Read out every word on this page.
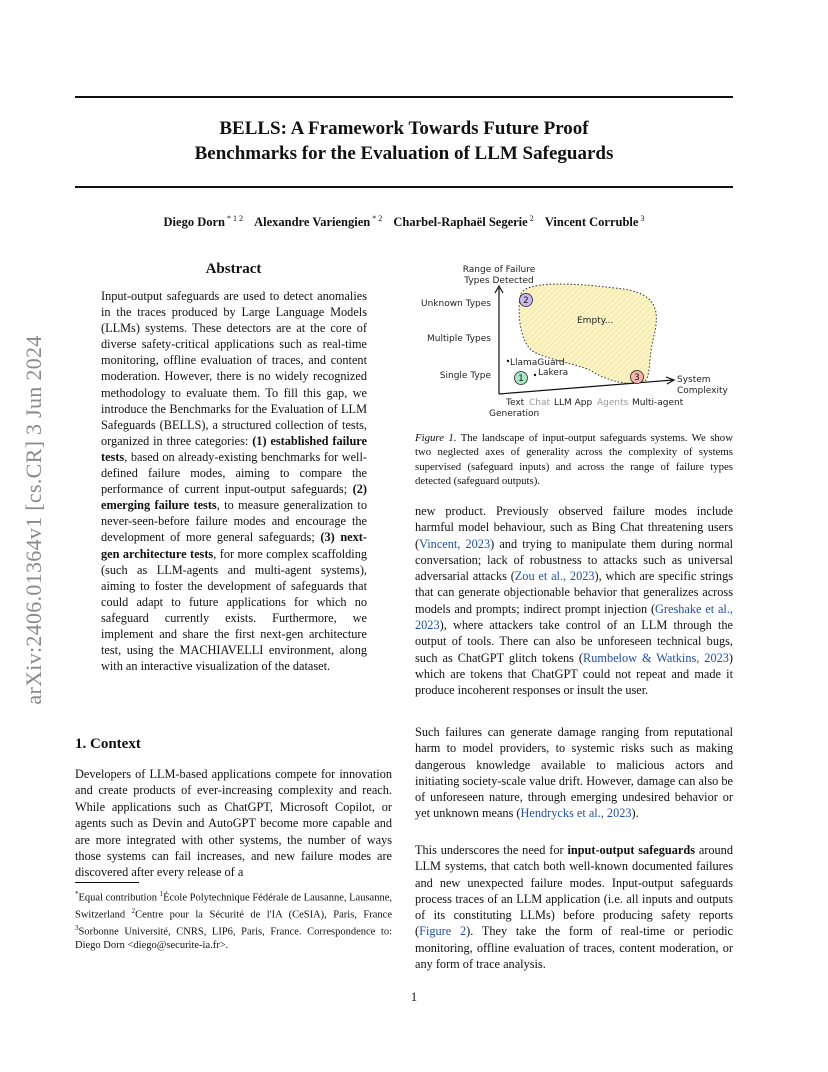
arXiv:2406.01364v1 [cs.CR] 3 Jun 2024
BELLS: A Framework Towards Future Proof
Benchmarks for the Evaluation of LLM Safeguards
Diego Dorn $^{* 1 2}$ Alexandre Variengien $^{* 2}$ Charbel-Raphaël Segerie $^2$ Vincent Corruble $^3$
Abstract

Input-output safeguards are used to detect anomalies in the traces produced by Large Language Models (LLMs) systems. These detectors are at the core of diverse safety-critical applications such as real-time monitoring, offline evaluation of traces, and content moderation. However, there is no widely recognized methodology to evaluate them. To fill this gap, we introduce the Benchmarks for the Evaluation of LLM Safeguards (BELLS), a structured collection of tests, organized in three categories: (1) established failure tests, based on already-existing benchmarks for well-defined failure modes, aiming to compare the performance of current input-output safeguards; (2) emerging failure tests, to measure generalization to never-seen-before failure modes and encourage the development of more general safeguards; (3) next-gen architecture tests, for more complex scaffolding (such as LLM-agents and multi-agent systems), aiming to foster the development of safeguards that could adapt to future applications for which no safeguard currently exists. Furthermore, we implement and share the first next-gen architecture test, using the MACHIAVELLI environment, along with an interactive visualization of the dataset.

1. Context

Developers of LLM-based applications compete for innovation and create products of ever-increasing complexity and reach. While applications such as ChatGPT, Microsoft Copilot, or agents such as Devin and AutoGPT become more capable and are more integrated with other systems, the number of ways those systems can fail increases, and new failure modes are discovered after every release of a

*Equal contribution $^1$École Polytechnique Fédérale de Lausanne, Lausanne, Switzerland $^2$Centre pour la Sécurité de l'IA (CeSIA), Paris, France $^3$Sorbonne Université, CNRS, LIP6, Paris, France. Correspondence to: Diego Dorn <diego@securite-ia.fr>.

Range of Failure
Types Detected
Unknown Types
Multiple Types
Single Type	System
Complexity
Text Chat LLM App Agents Multi-agent
Generation
Empty...
LlamaGuard
Lakera
1
2
3

Figure 1. The landscape of input-output safeguards systems. We show two neglected axes of generality across the complexity of systems supervised (safeguard inputs) and across the range of failure types detected (safeguard outputs).

new product. Previously observed failure modes include harmful model behaviour, such as Bing Chat threatening users (Vincent, 2023) and trying to manipulate them during normal conversation; lack of robustness to attacks such as universal adversarial attacks (Zou et al., 2023), which are specific strings that can generate objectionable behavior that generalizes across models and prompts; indirect prompt injection (Greshake et al., 2023), where attackers take control of an LLM through the output of tools. There can also be unforeseen technical bugs, such as ChatGPT glitch tokens (Rumbelow & Watkins, 2023) which are tokens that ChatGPT could not repeat and made it produce incoherent responses or insult the user.

Such failures can generate damage ranging from reputational harm to model providers, to systemic risks such as making dangerous knowledge available to malicious actors and initiating society-scale value drift. However, damage can also be of unforeseen nature, through emerging undesired behavior or yet unknown means (Hendrycks et al., 2023).

This underscores the need for input-output safeguards around LLM systems, that catch both well-known documented failures and new unexpected failure modes. Input-output safeguards process traces of an LLM application (i.e. all inputs and outputs of its constituting LLMs) before producing safety reports (Figure 2). They take the form of real-time or periodic monitoring, offline evaluation of traces, content moderation, or any form of trace analysis.

1
